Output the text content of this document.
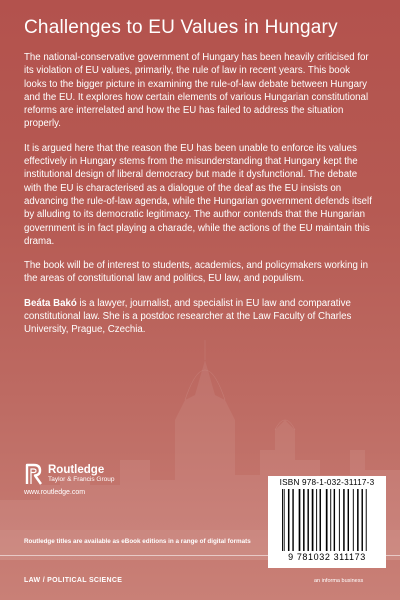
Challenges to EU Values in Hungary

The national-conservative government of Hungary has been heavily criticised for its violation of EU values, primarily, the rule of law in recent years. This book looks to the bigger picture in examining the rule-of-law debate between Hungary and the EU. It explores how certain elements of various Hungarian constitutional reforms are interrelated and how the EU has failed to address the situation properly.

It is argued here that the reason the EU has been unable to enforce its values effectively in Hungary stems from the misunderstanding that Hungary kept the institutional design of liberal democracy but made it dysfunctional. The debate with the EU is characterised as a dialogue of the deaf as the EU insists on advancing the rule-of-law agenda, while the Hungarian government defends itself by alluding to its democratic legitimacy. The author contends that the Hungarian government is in fact playing a charade, while the actions of the EU maintain this drama.

The book will be of interest to students, academics, and policymakers working in the areas of constitutional law and politics, EU law, and populism.

Beáta Bakó is a lawyer, journalist, and specialist in EU law and comparative constitutional law. She is a postdoc researcher at the Law Faculty of Charles University, Prague, Czechia.

Routledge
Taylor & Francis Group
www.routledge.com
Routledge titles are available as eBook editions in a range of digital formats
LAW / POLITICAL SCIENCE
ISBN 978-1-032-31117-3
9 781032 311173
an informa business
